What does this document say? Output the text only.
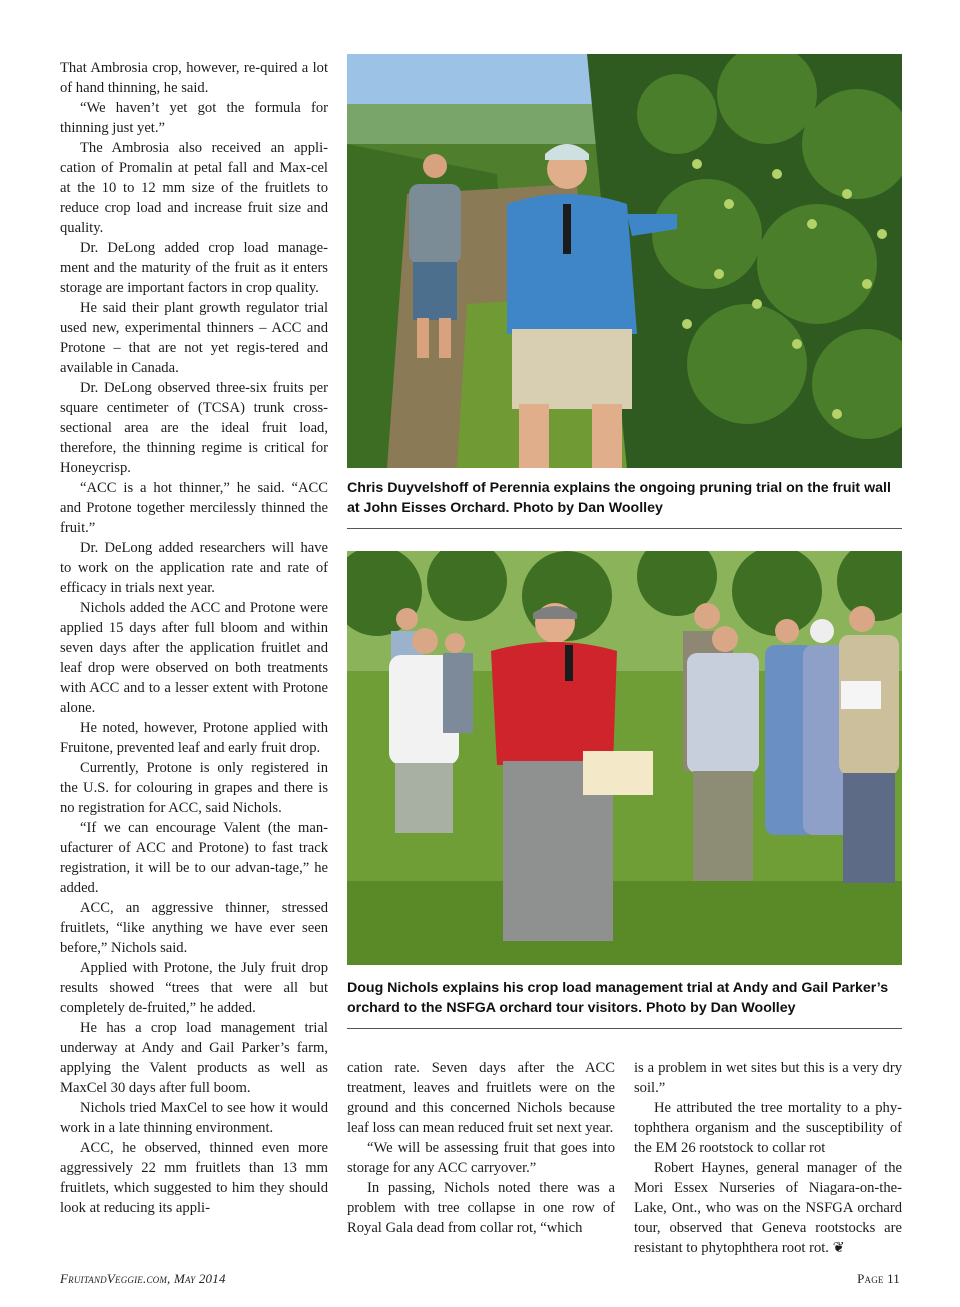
That Ambrosia crop, however, re-quired a lot of hand thinning, he said.

“We haven’t yet got the formula for thinning just yet.”

The Ambrosia also received an appli-cation of Promalin at petal fall and Max-cel at the 10 to 12 mm size of the fruitlets to reduce crop load and increase fruit size and quality.

Dr. DeLong added crop load manage-ment and the maturity of the fruit as it enters storage are important factors in crop quality.

He said their plant growth regulator trial used new, experimental thinners – ACC and Protone – that are not yet regis-tered and available in Canada.

Dr. DeLong observed three-six fruits per square centimeter of (TCSA) trunk cross-sectional area are the ideal fruit load, therefore, the thinning regime is critical for Honeycrisp.

“ACC is a hot thinner,” he said. “ACC and Protone together mercilessly thinned the fruit.”

Dr. DeLong added researchers will have to work on the application rate and rate of efficacy in trials next year.

Nichols added the ACC and Protone were applied 15 days after full bloom and within seven days after the application fruitlet and leaf drop were observed on both treatments with ACC and to a lesser extent with Protone alone.

He noted, however, Protone applied with Fruitone, prevented leaf and early fruit drop.

Currently, Protone is only registered in the U.S. for colouring in grapes and there is no registration for ACC, said Nichols.

“If we can encourage Valent (the man-ufacturer of ACC and Protone) to fast track registration, it will be to our advan-tage,” he added.

ACC, an aggressive thinner, stressed fruitlets, “like anything we have ever seen before,” Nichols said.

Applied with Protone, the July fruit drop results showed “trees that were all but completely de-fruited,” he added.

He has a crop load management trial underway at Andy and Gail Parker’s farm, applying the Valent products as well as MaxCel 30 days after full boom.

Nichols tried MaxCel to see how it would work in a late thinning environment.

ACC, he observed, thinned even more aggressively 22 mm fruitlets than 13 mm fruitlets, which suggested to him they should look at reducing its appli-

Chris Duyvelshoff of Perennia explains the ongoing pruning trial on the fruit wall at John Eisses Orchard. Photo by Dan Woolley
Doug Nichols explains his crop load management trial at Andy and Gail Parker’s orchard to the NSFGA orchard tour visitors. Photo by Dan Woolley

cation rate. Seven days after the ACC treatment, leaves and fruitlets were on the ground and this concerned Nichols because leaf loss can mean reduced fruit set next year.

“We will be assessing fruit that goes into storage for any ACC carryover.”

In passing, Nichols noted there was a problem with tree collapse in one row of Royal Gala dead from collar rot, “which

is a problem in wet sites but this is a very dry soil.”

He attributed the tree mortality to a phy-tophthera organism and the susceptibility of the EM 26 rootstock to collar rot

Robert Haynes, general manager of the Mori Essex Nurseries of Niagara-on-the-Lake, Ont., who was on the NSFGA orchard tour, observed that Geneva rootstocks are resistant to phytophthera root rot. ❦

FruitandVeggie.com, May 2014	Page 11
